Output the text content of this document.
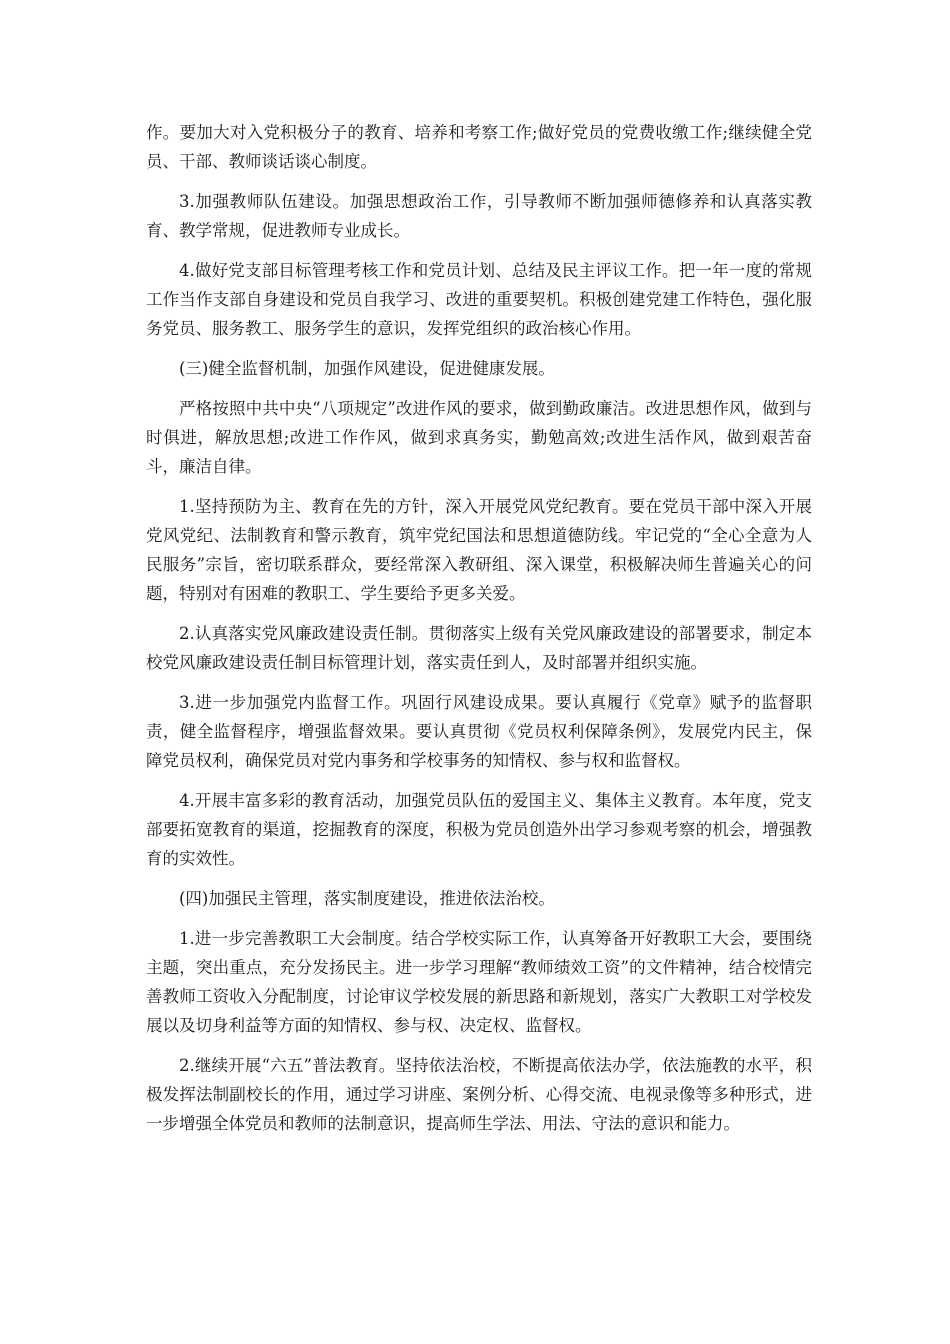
作。要加大对入党积极分子的教育、培养和考察工作;做好党员的党费收缴工作;继续健全党员、干部、教师谈话谈心制度。

3.加强教师队伍建设。加强思想政治工作，引导教师不断加强师德修养和认真落实教育、教学常规，促进教师专业成长。

4.做好党支部目标管理考核工作和党员计划、总结及民主评议工作。把一年一度的常规工作当作支部自身建设和党员自我学习、改进的重要契机。积极创建党建工作特色，强化服务党员、服务教工、服务学生的意识，发挥党组织的政治核心作用。

(三)健全监督机制，加强作风建设，促进健康发展。

严格按照中共中央“八项规定”改进作风的要求，做到勤政廉洁。改进思想作风，做到与时俱进，解放思想;改进工作作风，做到求真务实，勤勉高效;改进生活作风，做到艰苦奋斗，廉洁自律。

1.坚持预防为主、教育在先的方针，深入开展党风党纪教育。要在党员干部中深入开展党风党纪、法制教育和警示教育，筑牢党纪国法和思想道德防线。牢记党的“全心全意为人民服务”宗旨，密切联系群众，要经常深入教研组、深入课堂，积极解决师生普遍关心的问题，特别对有困难的教职工、学生要给予更多关爱。

2.认真落实党风廉政建设责任制。贯彻落实上级有关党风廉政建设的部署要求，制定本校党风廉政建设责任制目标管理计划，落实责任到人，及时部署并组织实施。

3.进一步加强党内监督工作。巩固行风建设成果。要认真履行《党章》赋予的监督职责，健全监督程序，增强监督效果。要认真贯彻《党员权利保障条例》，发展党内民主，保障党员权利，确保党员对党内事务和学校事务的知情权、参与权和监督权。

4.开展丰富多彩的教育活动，加强党员队伍的爱国主义、集体主义教育。本年度，党支部要拓宽教育的渠道，挖掘教育的深度，积极为党员创造外出学习参观考察的机会，增强教育的实效性。

(四)加强民主管理，落实制度建设，推进依法治校。

1.进一步完善教职工大会制度。结合学校实际工作，认真筹备开好教职工大会，要围绕主题，突出重点，充分发扬民主。进一步学习理解“教师绩效工资”的文件精神，结合校情完善教师工资收入分配制度，讨论审议学校发展的新思路和新规划，落实广大教职工对学校发展以及切身利益等方面的知情权、参与权、决定权、监督权。

2.继续开展“六五”普法教育。坚持依法治校，不断提高依法办学，依法施教的水平，积极发挥法制副校长的作用，通过学习讲座、案例分析、心得交流、电视录像等多种形式，进一步增强全体党员和教师的法制意识，提高师生学法、用法、守法的意识和能力。
